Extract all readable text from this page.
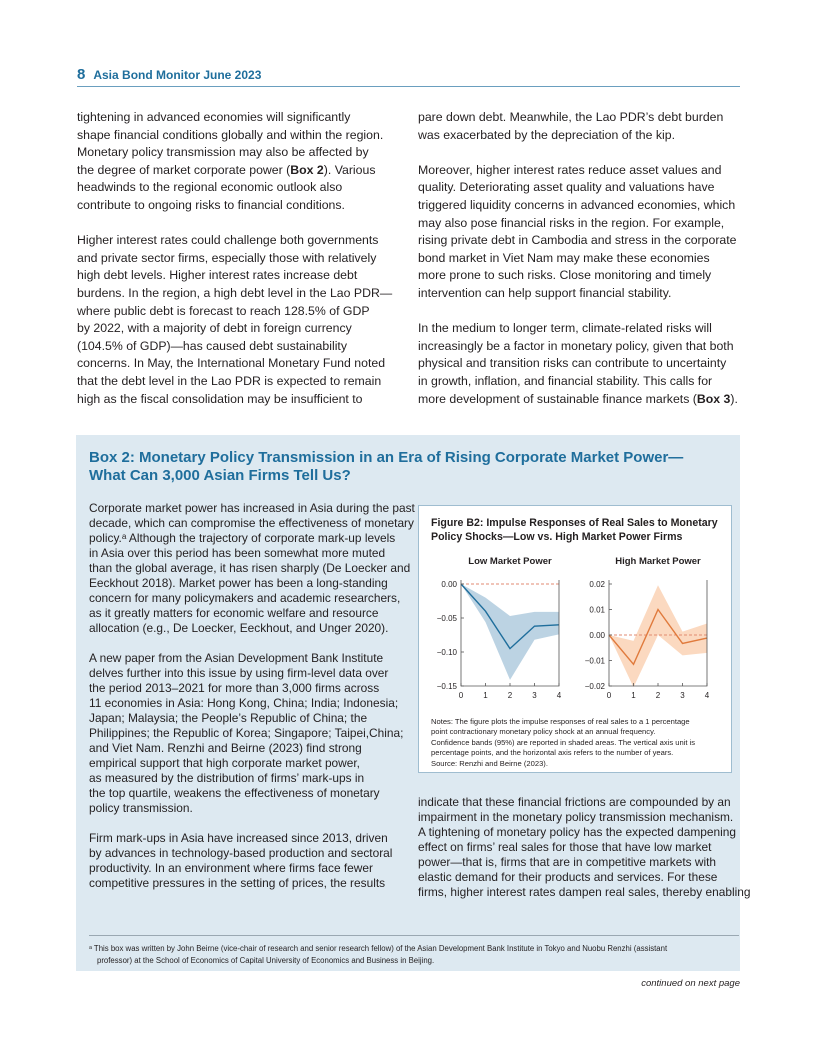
8 Asia Bond Monitor June 2023
tightening in advanced economies will significantly
shape financial conditions globally and within the region.
Monetary policy transmission may also be affected by
the degree of market corporate power (Box 2). Various
headwinds to the regional economic outlook also
contribute to ongoing risks to financial conditions.
Higher interest rates could challenge both governments
and private sector firms, especially those with relatively
high debt levels. Higher interest rates increase debt
burdens. In the region, a high debt level in the Lao PDR—
where public debt is forecast to reach 128.5% of GDP
by 2022, with a majority of debt in foreign currency
(104.5% of GDP)—has caused debt sustainability
concerns. In May, the International Monetary Fund noted
that the debt level in the Lao PDR is expected to remain
high as the fiscal consolidation may be insufficient to
pare down debt. Meanwhile, the Lao PDR’s debt burden
was exacerbated by the depreciation of the kip.
Moreover, higher interest rates reduce asset values and
quality. Deteriorating asset quality and valuations have
triggered liquidity concerns in advanced economies, which
may also pose financial risks in the region. For example,
rising private debt in Cambodia and stress in the corporate
bond market in Viet Nam may make these economies
more prone to such risks. Close monitoring and timely
intervention can help support financial stability.
In the medium to longer term, climate-related risks will
increasingly be a factor in monetary policy, given that both
physical and transition risks can contribute to uncertainty
in growth, inflation, and financial stability. This calls for
more development of sustainable finance markets (Box 3).
Box 2: Monetary Policy Transmission in an Era of Rising Corporate Market Power—
What Can 3,000 Asian Firms Tell Us?
Corporate market power has increased in Asia during the past
decade, which can compromise the effectiveness of monetary
policy.ᵃ Although the trajectory of corporate mark-up levels
in Asia over this period has been somewhat more muted
than the global average, it has risen sharply (De Loecker and
Eeckhout 2018). Market power has been a long-standing
concern for many policymakers and academic researchers,
as it greatly matters for economic welfare and resource
allocation (e.g., De Loecker, Eeckhout, and Unger 2020).
A new paper from the Asian Development Bank Institute
delves further into this issue by using firm-level data over
the period 2013–2021 for more than 3,000 firms across
11 economies in Asia: Hong Kong, China; India; Indonesia;
Japan; Malaysia; the People’s Republic of China; the
Philippines; the Republic of Korea; Singapore; Taipei,China;
and Viet Nam. Renzhi and Beirne (2023) find strong
empirical support that high corporate market power,
as measured by the distribution of firms’ mark-ups in
the top quartile, weakens the effectiveness of monetary
policy transmission.
Firm mark-ups in Asia have increased since 2013, driven
by advances in technology-based production and sectoral
productivity. In an environment where firms face fewer
competitive pressures in the setting of prices, the results
indicate that these financial frictions are compounded by an
impairment in the monetary policy transmission mechanism.
A tightening of monetary policy has the expected dampening
effect on firms’ real sales for those that have low market
power—that is, firms that are in competitive markets with
elastic demand for their products and services. For these
firms, higher interest rates dampen real sales, thereby enabling
Figure B2: Impulse Responses of Real Sales to Monetary
Policy Shocks—Low vs. High Market Power Firms
Low Market Power
0.00
−0.05
−0.10
−0.15
0	1	2	3	4
High Market Power
0.02
0.01
0.00
−0.01
−0.02
0	1	2	3	4
Notes: The figure plots the impulse responses of real sales to a 1 percentage
point contractionary monetary policy shock at an annual frequency.
Confidence bands (95%) are reported in shaded areas. The vertical axis unit is
percentage points, and the horizontal axis refers to the number of years.
Source: Renzhi and Beirne (2023).
ᵃ This box was written by John Beirne (vice-chair of research and senior research fellow) of the Asian Development Bank Institute in Tokyo and Nuobu Renzhi (assistant
professor) at the School of Economics of Capital University of Economics and Business in Beijing.
continued on next page
